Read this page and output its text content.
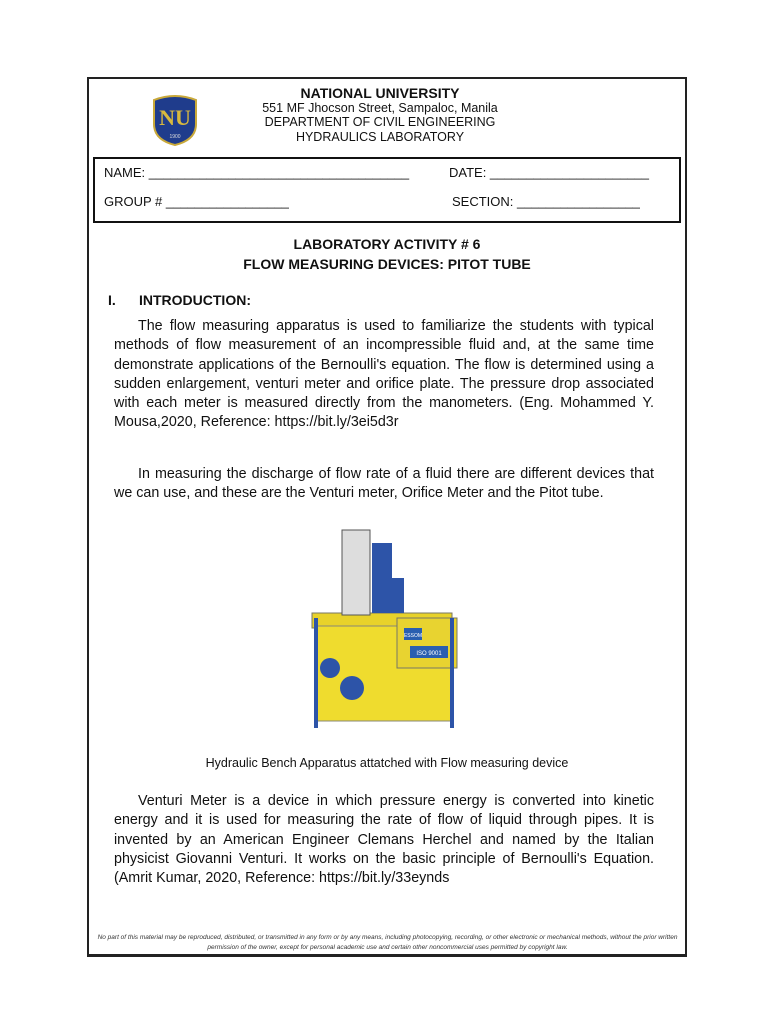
NU
1900
NATIONAL UNIVERSITY
551 MF Jhocson Street, Sampaloc, Manila
DEPARTMENT OF CIVIL ENGINEERING
HYDRAULICS LABORATORY
NAME: ____________________________________	DATE: ______________________
GROUP # _________________	SECTION: _________________
LABORATORY ACTIVITY # 6
FLOW MEASURING DEVICES: PITOT TUBE
I. INTRODUCTION:
The flow measuring apparatus is used to familiarize the students with typical methods of flow measurement of an incompressible fluid and, at the same time demonstrate applications of the Bernoulli's equation. The flow is determined using a sudden enlargement, venturi meter and orifice plate. The pressure drop associated with each meter is measured directly from the manometers. (Eng. Mohammed Y. Mousa,2020, Reference: https://bit.ly/3ei5d3r
In measuring the discharge of flow rate of a fluid there are different devices that we can use, and these are the Venturi meter, Orifice Meter and the Pitot tube.
ESSOM
ISO 9001
Hydraulic Bench Apparatus attatched with Flow measuring device
Venturi Meter is a device in which pressure energy is converted into kinetic energy and it is used for measuring the rate of flow of liquid through pipes. It is invented by an American Engineer Clemans Herchel and named by the Italian physicist Giovanni Venturi. It works on the basic principle of Bernoulli's Equation. (Amrit Kumar, 2020, Reference: https://bit.ly/33eynds
No part of this material may be reproduced, distributed, or transmitted in any form or by any means, including photocopying, recording, or other electronic or mechanical methods, without the prior written permission of the owner, except for personal academic use and certain other noncommercial uses permitted by copyright law.
